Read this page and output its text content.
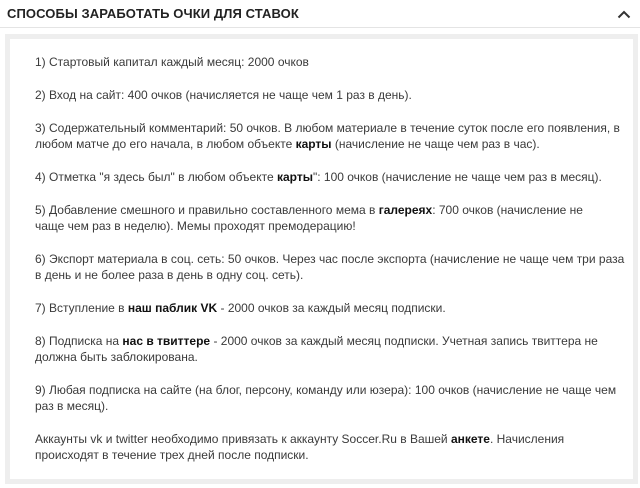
СПОСОБЫ ЗАРАБОТАТЬ ОЧКИ ДЛЯ СТАВОК
1) Стартовый капитал каждый месяц: 2000 очков
2) Вход на сайт: 400 очков (начисляется не чаще чем 1 раз в день).
3) Содержательный комментарий: 50 очков. В любом материале в течение суток после его появления, в любом матче до его начала, в любом объекте карты (начисление не чаще чем раз в час).
4) Отметка "я здесь был" в любом объекте карты": 100 очков (начисление не чаще чем раз в месяц).
5) Добавление смешного и правильно составленного мема в галереях: 700 очков (начисление не
чаще чем раз в неделю). Мемы проходят премодерацию!
6) Экспорт материала в соц. сеть: 50 очков. Через час после экспорта (начисление не чаще чем три раза в день и не более раза в день в одну соц. сеть).
7) Вступление в наш паблик VK - 2000 очков за каждый месяц подписки.
8) Подписка на нас в твиттере - 2000 очков за каждый месяц подписки. Учетная запись твиттера не должна быть заблокирована.
9) Любая подписка на сайте (на блог, персону, команду или юзера): 100 очков (начисление не чаще чем раз в месяц).
Аккаунты vk и twitter необходимо привязать к аккаунту Soccer.Ru в Вашей анкете. Начисления происходят в течение трех дней после подписки.
